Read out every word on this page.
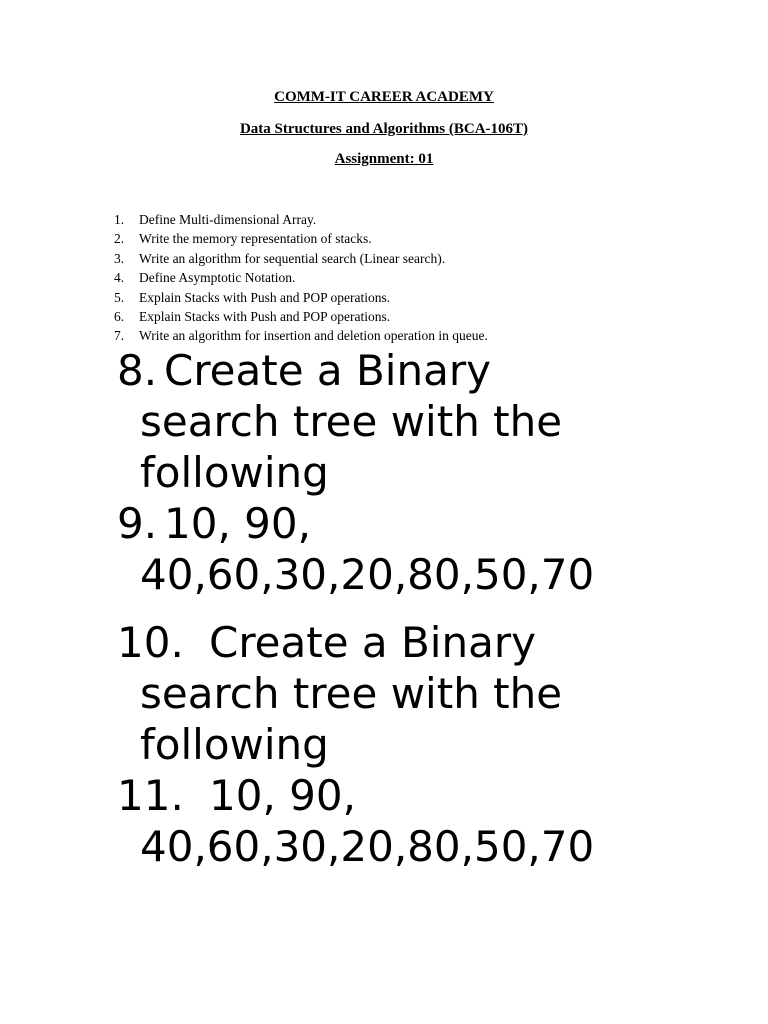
COMM-IT CAREER ACADEMY
Data Structures and Algorithms (BCA-106T)
Assignment: 01
1.	Define Multi-dimensional Array.
2.	Write the memory representation of stacks.
3.	Write an algorithm for sequential search (Linear search).
4.	Define Asymptotic Notation.
5.	Explain Stacks with Push and POP operations.
6.	Explain Stacks with Push and POP operations.
7.	Write an algorithm for insertion and deletion operation in queue.
8. Create a Binary
search tree with the
following
9. 10, 90,
40,60,30,20,80,50,70
10. Create a Binary
search tree with the
following
11. 10, 90,
40,60,30,20,80,50,70
